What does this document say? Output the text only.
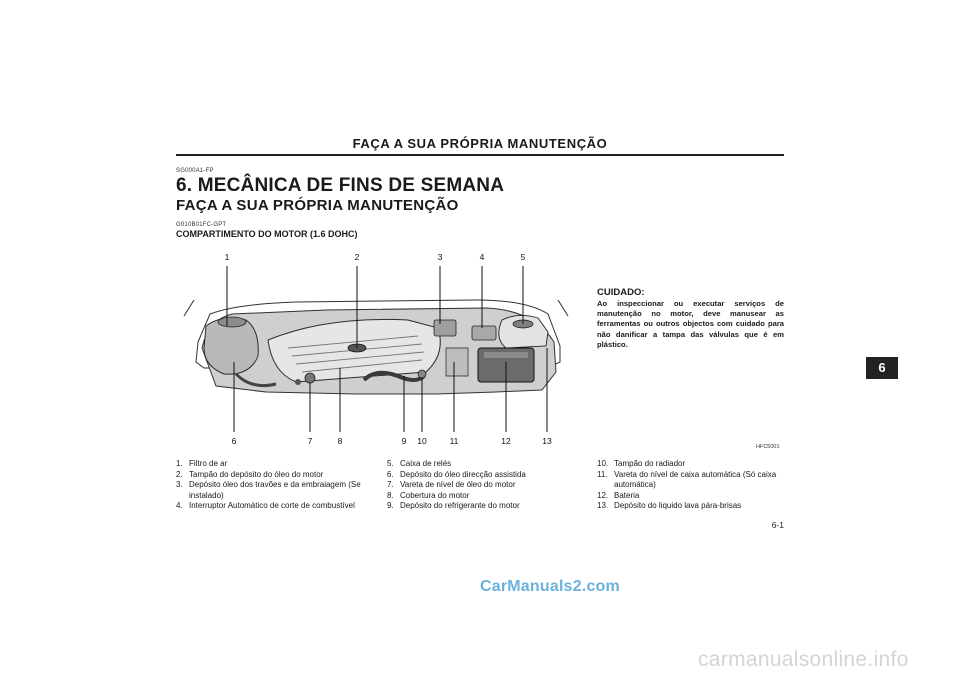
FAÇA A SUA PRÓPRIA MANUTENÇÃO
SG000A1-FP
6. MECÂNICA DE FINS DE SEMANA
FAÇA A SUA PRÓPRIA MANUTENÇÃO
G010B01FC-GPT
COMPARTIMENTO DO MOTOR (1.6 DOHC)
1	2	3	4	5
6	7	8	9 10	11	12	13
HFC5001
CUIDADO:
Ao inspeccionar ou executar serviços de manutenção no motor, deve manusear as ferramentas ou outros objectos com cuidado para não danificar a tampa das válvulas que é em plástico.
6
1. Filtro de ar
2. Tampão do depósito do óleo do motor
3. Depósito óleo dos travões e da embraiagem (Se instalado)
4. Interruptor Automático de corte de combustível
5. Caixa de relés
6. Depósito do óleo direcção assistida
7. Vareta de nível de óleo do motor
8. Cobertura do motor
9. Depósito do refrigerante do motor
10. Tampão do radiador
11. Vareta do nível de caixa automática (Só caixa automática)
12. Bateria
13. Depósito do liquido lava pára-brisas
6-1
CarManuals2.com
carmanualsonline.info
